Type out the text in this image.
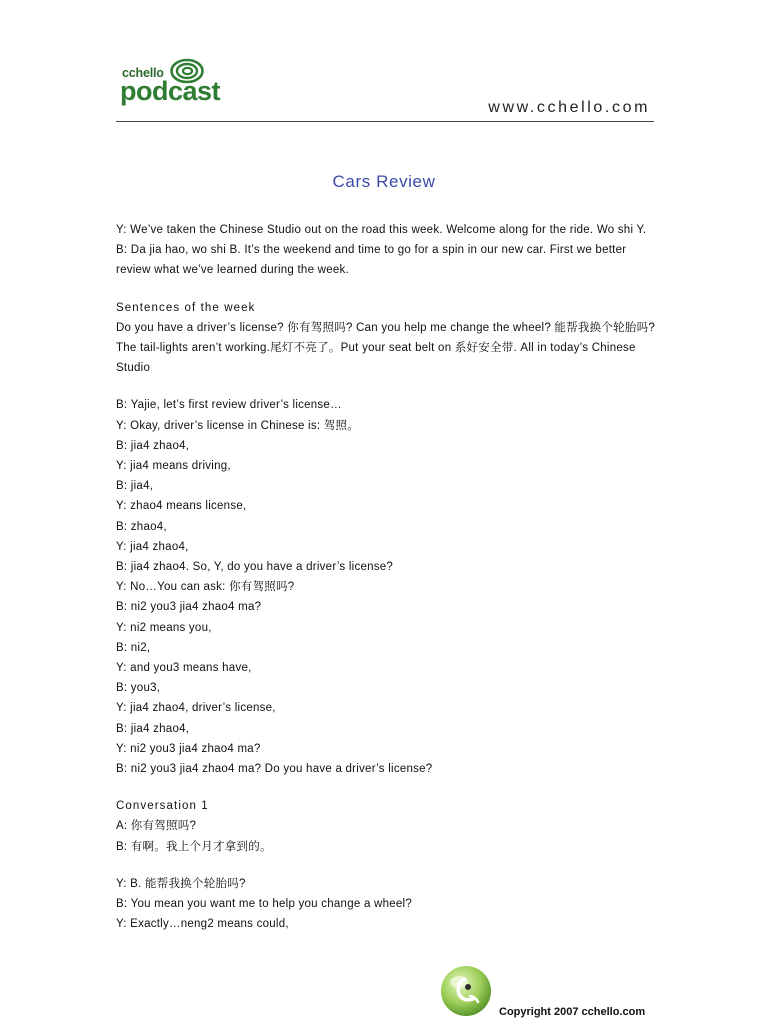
cchello
podcast
www.cchello.com
Cars Review

Y: We’ve taken the Chinese Studio out on the road this week. Welcome along for the ride. Wo shi Y.

B: Da jia hao, wo shi B. It’s the weekend and time to go for a spin in our new car. First we better review what we’ve learned during the week.

Sentences of the week

Do you have a driver’s license? 你有驾照吗? Can you help me change the wheel? 能帮我换个轮胎吗? The tail-lights aren’t working.尾灯不亮了。Put your seat belt on 系好安全带. All in today’s Chinese Studio

B: Yajie, let’s first review driver’s license…

Y: Okay, driver’s license in Chinese is: 驾照。

B: jia4 zhao4,

Y: jia4 means driving,

B: jia4,

Y: zhao4 means license,

B: zhao4,

Y: jia4 zhao4,

B: jia4 zhao4. So, Y, do you have a driver’s license?

Y: No…You can ask: 你有驾照吗?

B: ni2 you3 jia4 zhao4 ma?

Y: ni2 means you,

B: ni2,

Y: and you3 means have,

B: you3,

Y: jia4 zhao4, driver’s license,

B: jia4 zhao4,

Y: ni2 you3 jia4 zhao4 ma?

B: ni2 you3 jia4 zhao4 ma? Do you have a driver’s license?

Conversation 1

A: 你有驾照吗?

B: 有啊。我上个月才拿到的。

Y: B. 能帮我换个轮胎吗?

B: You mean you want me to help you change a wheel?

Y: Exactly…neng2 means could,

Copyright 2007 cchello.com
